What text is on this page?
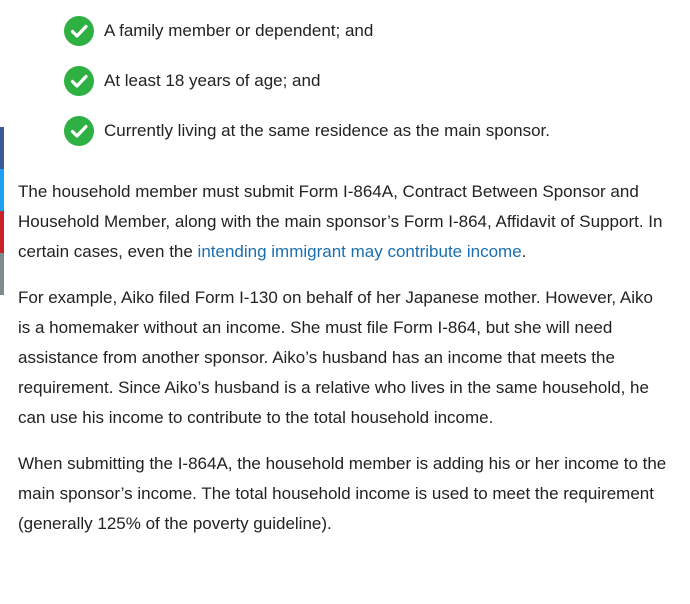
A family member or dependent; and
At least 18 years of age; and
Currently living at the same residence as the main sponsor.

The household member must submit Form I-864A, Contract Between Sponsor and Household Member, along with the main sponsor’s Form I-864, Affidavit of Support. In certain cases, even the intending immigrant may contribute income.

For example, Aiko filed Form I-130 on behalf of her Japanese mother. However, Aiko is a homemaker without an income. She must file Form I-864, but she will need assistance from another sponsor. Aiko’s husband has an income that meets the requirement. Since Aiko’s husband is a relative who lives in the same household, he can use his income to contribute to the total household income.

When submitting the I-864A, the household member is adding his or her income to the main sponsor’s income. The total household income is used to meet the requirement (generally 125% of the poverty guideline).
